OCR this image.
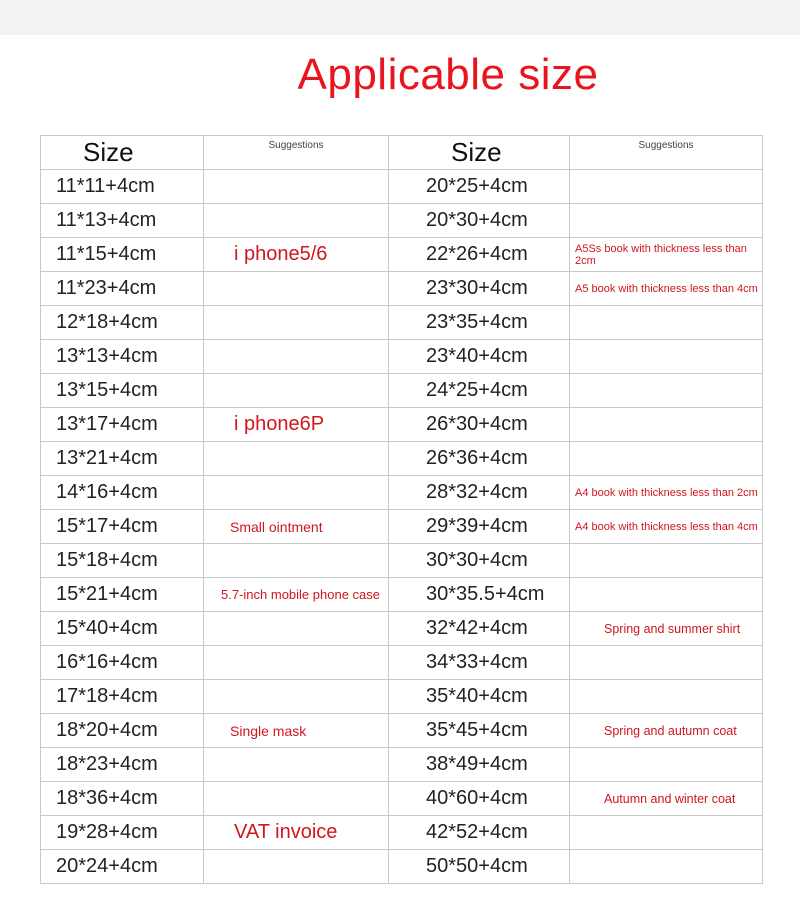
Applicable size
Size	Suggestions	Size	Suggestions

11*11+4cm		20*25+4cm	

11*13+4cm		20*30+4cm	

11*15+4cm	i phone5/6	22*26+4cm	A5Ss book with thickness less than 2cm

11*23+4cm		23*30+4cm	A5 book with thickness less than 4cm

12*18+4cm		23*35+4cm	

13*13+4cm		23*40+4cm	

13*15+4cm		24*25+4cm	

13*17+4cm	i phone6P	26*30+4cm	

13*21+4cm		26*36+4cm	

14*16+4cm		28*32+4cm	A4 book with thickness less than 2cm

15*17+4cm	Small ointment	29*39+4cm	A4 book with thickness less than 4cm

15*18+4cm		30*30+4cm	

15*21+4cm	5.7-inch mobile phone case	30*35.5+4cm	

15*40+4cm		32*42+4cm	Spring and summer shirt

16*16+4cm		34*33+4cm	

17*18+4cm		35*40+4cm	

18*20+4cm	Single mask	35*45+4cm	Spring and autumn coat

18*23+4cm		38*49+4cm	

18*36+4cm		40*60+4cm	Autumn and winter coat

19*28+4cm	VAT invoice	42*52+4cm	

20*24+4cm		50*50+4cm	
